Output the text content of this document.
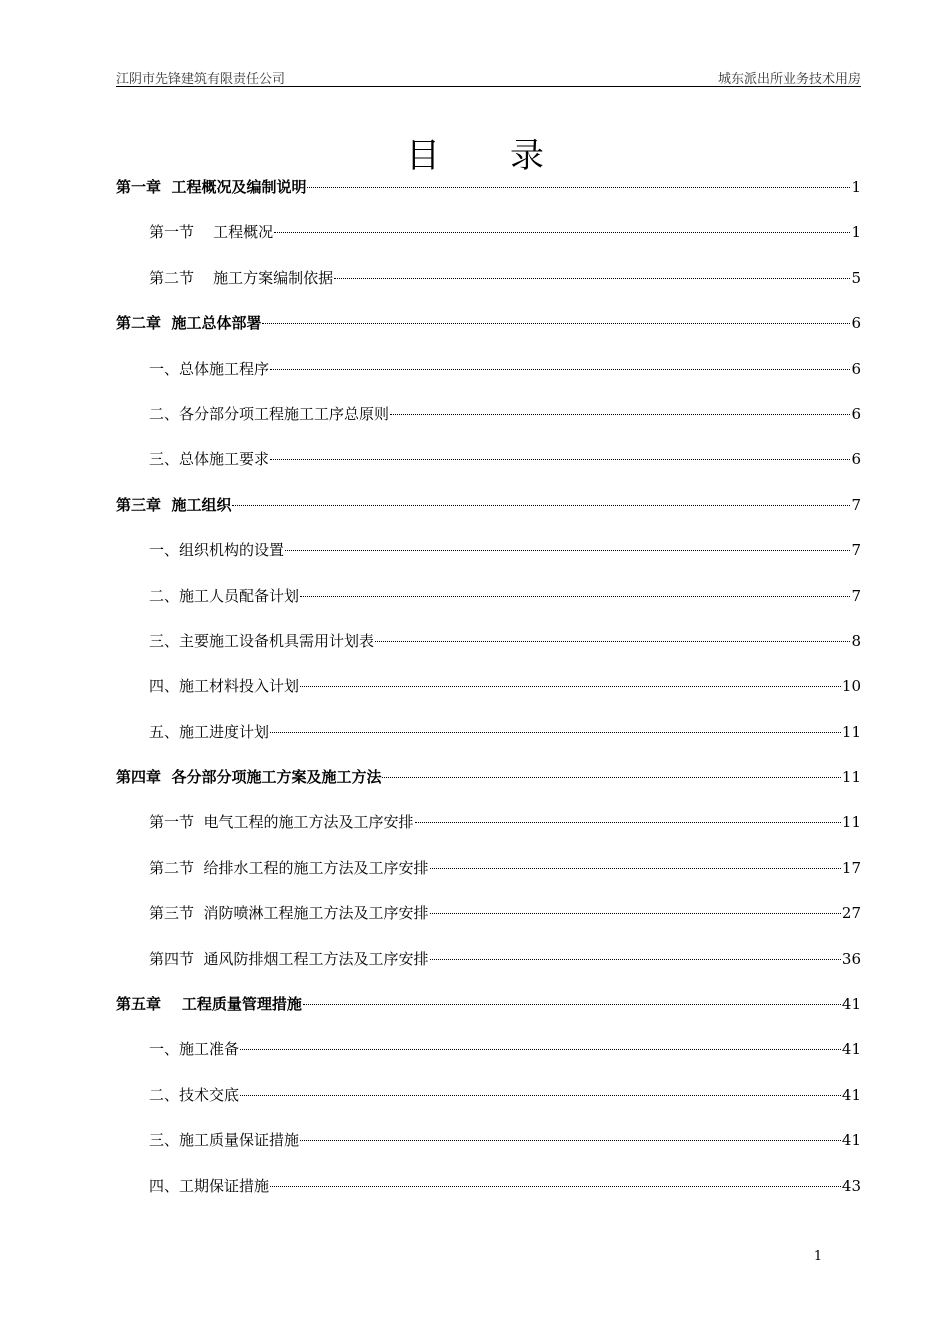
江阴市先锋建筑有限责任公司	城东派出所业务技术用房
目录
第一章  工程概况及编制说明	1
第一节    工程概况	1
第二节    施工方案编制依据	5
第二章  施工总体部署	6
一、总体施工程序	6
二、各分部分项工程施工工序总原则	6
三、总体施工要求	6
第三章  施工组织	7
一、组织机构的设置	7
二、施工人员配备计划	7
三、主要施工设备机具需用计划表	8
四、施工材料投入计划	10
五、施工进度计划	11
第四章  各分部分项施工方案及施工方法	11
第一节  电气工程的施工方法及工序安排	11
第二节  给排水工程的施工方法及工序安排	17
第三节  消防喷淋工程施工方法及工序安排	27
第四节  通风防排烟工程工方法及工序安排	36
第五章    工程质量管理措施	41
一、施工准备	41
二、技术交底	41
三、施工质量保证措施	41
四、工期保证措施	43
1
